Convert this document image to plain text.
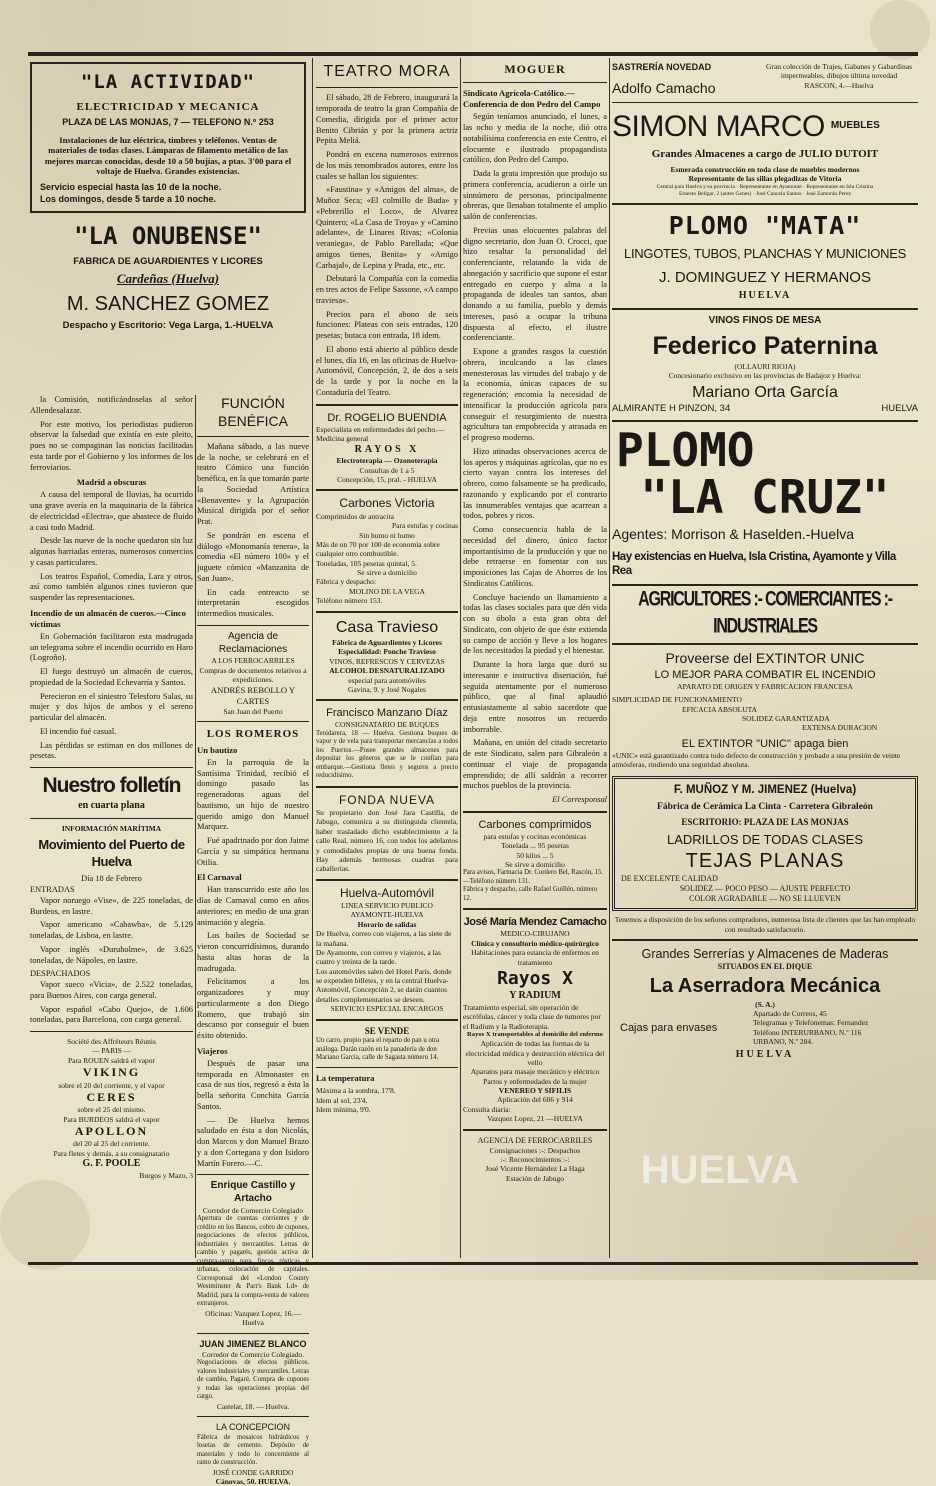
"LA ACTIVIDAD"
ELECTRICIDAD Y MECANICA
PLAZA DE LAS MONJAS, 7 — TELEFONO N.º 253
Instalaciones de luz eléctrica, timbres y teléfonos. Ventas de materiales de todas clases. Lámparas de filamento metálico de las mejores marcas conocidas, desde 10 a 50 bujías, a ptas. 3'00 para el voltaje de Huelva. Grandes existencias.
Servicio especial hasta las 10 de la noche.
Los domingos, desde 5 tarde a 10 noche.
"LA ONUBENSE"
FABRICA DE AGUARDIENTES Y LICORES
Cardeñas (Huelva)
M. SANCHEZ GOMEZ
Despacho y Escritorio: Vega Larga, 1.-HUELVA

la Comisión, notificándoselas al señor Allendesalazar.

Por este motivo, los periodistas pudieron observar la falsedad que existía en este pleito, pues no se compaginan las noticias facilitadas esta tarde por el Gobierno y los informes de los ferroviarios.

Madrid a obscuras

A causa del temporal de lluvias, ha ocurrido una grave avería en la maquinaria de la fábrica de electricidad «Electra», que abastece de fluido a casi todo Madrid.

Desde las nueve de la noche quedaron sin luz algunas barriadas enteras, numerosos comercios y casas particulares.

Los teatros Español, Comedia, Lara y otros, así como también algunos cines tuvieron que suspender las representaciones.

Incendio de un almacén de cueros.—Cinco víctimas

En Gobernación facilitaron esta madrugada un telegrama sobre el incendio ocurrido en Haro (Logroño).

El fuego destruyó un almacén de cueros, propiedad de la Sociedad Echevarría y Santos.

Perecieron en el siniestro Telesforo Salas, su mujer y dos hijos de ambos y el sereno particular del almacén.

El incendio fué casual.

Las pérdidas se estiman en dos millones de pesetas.

Nuestro folletín
en cuarta plana
INFORMACIÓN MARÍTIMA
Movimiento del Puerto de Huelva
Día 18 de Febrero
ENTRADAS

Vapor noruego «Vise», de 225 toneladas, de Burdeos, en lastre.

Vapor americano «Cabawba», de 5.129 toneladas, de Lisboa, en lastre.

Vapor inglés «Duruholme», de 3.625 toneladas, de Nápoles, en lastre.

DESPACHADOS

Vapor sueco «Vicia», de 2.522 toneladas, para Buenos Aires, con carga general.

Vapor español «Cabo Quejo», de 1.606 toneladas, para Barcelona, con carga general.

Société des Affréteurs Réunis
— PARIS —
Para ROUEN saldrá el vapor
VIKING
sobre el 20 del corriente, y el vapor
CERES
sobre el 25 del mismo.
Para BURDEOS saldrá el vapor
APOLLON
del 20 al 25 del corriente.
Para fletes y demás, a su consignatario
G. F. POOLE
Burgos y Mazo, 3
FUNCIÓN BENÉFICA

Mañana sábado, a las nueve de la noche, se celebrará en el teatro Cómico una función benéfica, en la que tomarán parte la Sociedad Artística «Benavente» y la Agrupación Musical dirigida por el señor Prat.

Se pondrán en escena el diálogo «Monomanía tenera», la comedia «El número 100» y el juguete cómico «Manzanita de San Juan».

En cada entreacto se interpretarán escogidos intermedios musicales.

Agencia de Reclamaciones
A LOS FERROCARRILES
Compras de documentos relativos a expediciones.
ANDRÉS REBOLLO Y CARTES
San Juan del Puerto
LOS ROMEROS
Un bautizo

En la parroquia de la Santísima Trinidad, recibió el domingo pasado las regeneradoras aguas del bautismo, un hijo de nuestro querido amigo don Manuel Marquez.

Fué apadrinado por don Jaime García y su simpática hermana Otilia.

El Carnaval

Han transcurrido este año los días de Carnaval como en años anteriores; en medio de una gran animación y alegría.

Los bailes de Sociedad se vieron concurridísimos, durando hasta altas horas de la madrugada.

Felicitamos a los organizadores y muy particularmente a don Diego Romero, que trabajó sin descanso por conseguir el buen éxito obtenido.

Viajeros

Después de pasar una temporada en Almonaster en casa de sus tíos, regresó a ésta la bella señorita Conchita García Santos.

— De Huelva hemos saludado en ésta a don Nicolás, don Marcos y don Manuel Brazo y a don Cortegana y don Isidoro Martín Forero.—C.

Enrique Castillo y Artacho
Corredor de Comercio Colegiado
Apertura de cuentas corrientes y de crédito en los Bancos, cobro de cupones, negociaciones de efectos públicos, industriales y mercantiles. Letras de cambio y pagarés, gestión activa de compra-venta para fincas rústicas y urbanas, colocación de capitales. Corresponsal del «London County Westminster & Parr's Bank Ld» de Madrid, para la compra-venta de valores extranjeros.
Oficinas: Vazquez Lopez, 16.—Huelva
JUAN JIMENEZ BLANCO
Corredor de Comercio Colegiado.
Negociaciones de efectos públicos, valores industriales y mercantiles. Letras de cambio, Pagaré, Compra de cupones y todas las operaciones propias del cargo.
Castelar, 18. — Huelva.
LA CONCEPCION
Fábrica de mosaicos hidráulicos y losetas de cemento. Depósito de materiales y todo lo concerniente al ramo de construcción.
JOSÉ CONDE GARRIDO
Cánovas, 50. HUELVA.
TEATRO MORA

El sábado, 28 de Febrero, inaugurará la temporada de teatro la gran Compañía de Comedia, dirigida por el primer actor Benito Cibrián y por la primera actriz Pepita Meliá.

Pondrá en escena numerosos estrenos de los más renombrados autores, entre los cuales se hallan los siguientes:

«Faustina» y «Amigos del alma», de Muñoz Seca; «El colmillo de Buda» y «Pebrerillo el Loco», de Alvarez Quintero; «La Casa de Troya» y «Camino adelante», de Linares Rivas; «Colonia veraniega», de Pablo Parellada; «Que amigos tienes, Benita» y «Amigo Carbajal», de Lepina y Prada, etc., etc.

Debutará la Compañía con la comedia en tres actos de Felipe Sassone, «A campo traviesa».

Precios para el abono de seis funciones: Plateas con seis entradas, 120 pesetas; butaca con entrada, 18 idem.

El abono está abierto al público desde el lunes, día 16, en las oficinas de Huelva-Automóvil, Concepción, 2, de dos a seis de la tarde y por la noche en la Contaduría del Teatro.

Dr. ROGELIO BUENDIA
Especialista en enfermedades del pecho.—Medicina general
RAYOS X
Electroterapia — Ozonoterapia
Consultas de 1 a 5
Concepción, 15, pral. - HUELVA
Carbones Victoria
Comprimidos de antracita
Para estufas y cocinas
Sin humo ni humo
Más de un 70 por 100 de economía sobre cualquier otro combustible.
Toneladas, 105 pesetas quintal, 5.
Se sirve a domicilio
Fábrica y despacho:
MOLINO DE LA VEGA
Teléfono número 153.
Casa Travieso
Fábrica de Aguardientes y Licores
Especialidad: Ponche Travieso
VINOS, REFRESCOS Y CERVEZAS
ALCOHOL DESNATURALIZADO
especial para automóviles
Gavina, 9. y José Nogales
Francisco Manzano Díaz
CONSIGNATARIO DE BUQUES
Tenidarera, 18 — Huelva. Gestiona buques de vapor y de vela para transportar mercancías a todos los Puertos.—Posee grandes almacenes para depositar los géneros que se le confían para embarque.—Gestiona fletes y seguros a precio reducidísimo.
FONDA NUEVA
Su propietario don José Jara Castilla, de Jabugo, comunica a su distinguida clientela, haber trasladado dicho establecimiento a la calle Real, número 16, con todos los adelantos y comodidades propias de una buena fonda. Hay además hermosas cuadras para caballerías.
Huelva-Automóvil
LINEA SERVICIO PUBLICO
AYAMONTE-HUELVA
Horario de salidas
De Huelva, correo con viajeros, a las siete de la mañana.
De Ayamonte, con correo y viajeros, a las cuatro y treinta de la tarde.
Los automóviles salen del Hotel París, donde se expenden billetes, y en la central Huelva-Automóvil, Concepción 2, se darán cuantos detalles complementarios se deseen.
SERVICIO ESPECIAL ENCARGOS
SE VENDE
Un carro, propio para el reparto de pan u otra análoga. Darán razón en la panadería de don Mariano García, calle de Sagasta número 14.
La temperatura
Máxima a la sombra, 17'8.
Idem al sol, 23'4.
Idem mínima, 9'0.
MOGUER
Sindicato Agrícola-Católico.—Conferencia de don Pedro del Campo

Según teníamos anunciado, el lunes, a las ocho y media de la noche, dió otra notabilísima conferencia en este Centro, el elocuente e ilustrado propagandista católico, don Pedro del Campo.

Dada la grata impresión que produjo su primera conferencia, acudieron a oirle un sinnúmero de personas, principalmente obreras, que llenaban totalmente el amplio salón de conferencias.

Previas unas elocuentes palabras del digno secretario, don Juan O. Crocci, que hizo resaltar la personalidad del conferenciante, relatando la vida de abnegación y sacrificio que supone el estar entregado en cuerpo y alma a la propaganda de ideales tan santos, aban donando a su familia, pueblo y demás intereses, pasó a ocupar la tribuna dispuesta al efecto, el ilustre conferenciante.

Expone a grandes rasgos la cuestión obrera, inculcando a las clases menesterosas las virtudes del trabajo y de la economía, únicas capaces de su regeneración; encomia la necesidad de intensificar la producción agrícola para conseguir el resurgimiento de nuestra agricultura tan empobrecida y atrasada en el progreso moderno.

Hizo atinadas observaciones acerca de los aperos y máquinas agrícolas, que no es cierto vayan contra los intereses del obrero, como falsamente se ha predicado, razonando y explicando por el contrario las innumerables ventajas que acarrean a todos, pobres y ricos.

Como consecuencia habla de la necesidad del dinero, único factor importantísimo de la producción y que no debe retraerse en fomentar con sus imposiciones las Cajas de Ahorros de los Sindicatos Católicos.

Concluye haciendo un llamamiento a todas las clases sociales para que dén vida con su óbolo a esta gran obra del Sindicato, con objeto de que éste extienda su campo de acción y lleve a los hogares de los necesitados la piedad y el bienestar.

Durante la hora larga que duró su interesante e instructiva disertación, fué seguida atentamente por el numeroso público, que al final aplaudió entusiastamente al sabio sacerdote que deja entre nosotros un recuerdo imborrable.

Mañana, en unión del citado secretario de este Sindicato, salen para Gibraleón a continuar el viaje de propaganda emprendido; de allí saldrán a recorrer muchos pueblos de la provincia.

El Corresponsal
Carbones comprimidos
para estufas y cocinas económicas
Tonelada ... 95 pesetas
50 kilos ... 5
Se sirve a domicilio
Para avisos, Farmacia Dr. Cordero Bel, Rascón, 15.—Teléfono número 131.
Fábrica y despacho, calle Rafael Guillén, número 12.
José María Mendez Camacho
MEDICO-CIRUJANO
Clínica y consultorio médico-quirúrgico
Habitaciones para estancia de enfermos en tratamiento
Rayos X
Y RADIUM
Tratamiento especial, sin operación de escrófulas, cáncer y toda clase de tumores por el Radium y la Radioterapia.
Rayos X transportables al domicilio del enfermo
Aplicación de todas las formas de la electricidad médica y destrucción eléctrica del vello
Aparatos para masaje mecánico y eléctrico
Partos y enfermedades de la mujer
VENEREO Y SIFILIS
Aplicación del 606 y 914
Consulta diaria:
Vazquez Lopez, 21 —HUELVA
AGENCIA DE FERROCARRILES
Consignaciones :-: Despachos
:-: Reconocimientos :-:
José Vicente Hernández La Haga
Estación de Jabugo
SASTRERÍA NOVEDAD
Adolfo Camacho
Gran colección de Trajes, Gabanes y Gabardinas impermeables, dibujos última novedad
RASCON, 4.—Huelva
SIMON MARCO MUEBLES
Grandes Almacenes a cargo de JULIO DUTOIT
Esmerada construcción en toda clase de muebles modernos
Representante de las sillas plegadizas de Vitoria
Central para Huelva y su provincia · Representante en Ayamonte · Representante en Isla Cristina
Ernesto Bellgar, 2 (antes Genes) · José Cancela Santos · José Zamorán Perez
PLOMO "MATA"
LINGOTES, TUBOS, PLANCHAS Y MUNICIONES
J. DOMINGUEZ Y HERMANOS
HUELVA
VINOS FINOS DE MESA
Federico Paternina
(OLLAURI RIOJA)
Concesionario exclusivo en las provincias de Badajoz y Huelva:
Mariano Orta García
ALMIRANTE H PINZON, 34	HUELVA
PLOMO
"LA CRUZ"
Agentes: Morrison & Haselden.-Huelva
Hay existencias en Huelva, Isla Cristina, Ayamonte y Villa Rea
AGRICULTORES :- COMERCIANTES :- INDUSTRIALES
Proveerse del EXTINTOR UNIC
LO MEJOR PARA COMBATIR EL INCENDIO
APARATO DE ORIGEN Y FABRICACION FRANCESA
SIMPLICIDAD DE FUNCIONAMIENTO
EFICACIA ABSOLUTA
SOLIDEZ GARANTIZADA
EXTENSA DURACION
EL EXTINTOR "UNIC" apaga bien
«UNIC» está garantizado contra todo defecto de construcción y probado a una presión de veinte atmósferas, rindiendo una seguridad absoluta.
F. MUÑOZ Y M. JIMENEZ (Huelva)
Fábrica de Cerámica La Cinta - Carretera Gibraleón
ESCRITORIO: PLAZA DE LAS MONJAS
LADRILLOS DE TODAS CLASES
TEJAS PLANAS
DE EXCELENTE CALIDAD
SOLIDEZ — POCO PESO — AJUSTE PERFECTO
COLOR AGRADABLE — NO SE LLUEVEN
Tenemos a disposición de los señores compradores, numerosa lista de clientes que las han empleado con resultado satisfactorio.
Grandes Serrerías y Almacenes de Maderas
SITUADOS EN EL DIQUE
La Aserradora Mecánica
(S. A.)
Cajas para envases
Apartado de Correos, 45
Telegramas y Telefonemas: Fernandez
Teléfono INTERURBANO, N.º 116
URBANO, N.º 284.
HUELVA
HUELVA
